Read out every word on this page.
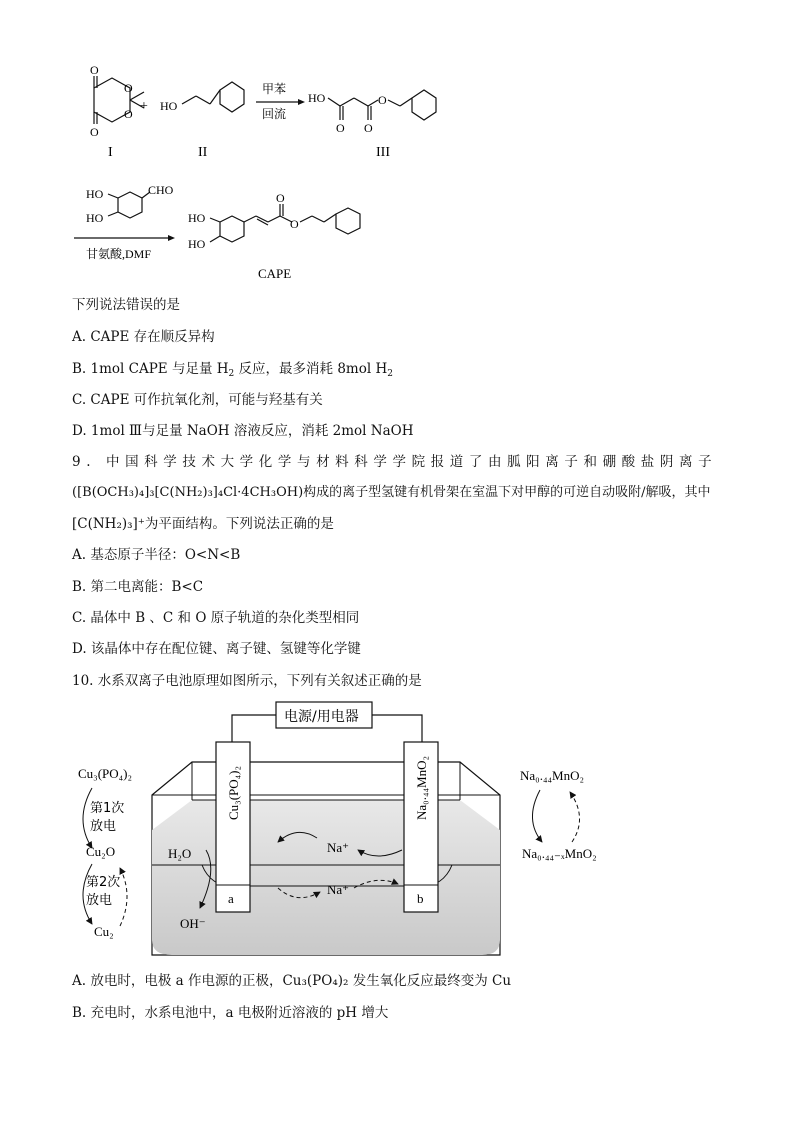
O
O
O
O + HO
甲苯
回流
HO
O O
O
I	II	III
HO
HO
CHO
甘氨酸,DMF
HO
HO
O
O
CAPE
下列说法错误的是
A. CAPE 存在顺反异构
B. 1mol CAPE 与足量 $H_2$ 反应，最多消耗 8mol $H_2$
C. CAPE 可作抗氧化剂，可能与羟基有关
D. 1mol Ⅲ与足量 NaOH 溶液反应，消耗 2mol NaOH
9. 中国科学技术大学化学与材料科学学院报道了由胍阳离子和硼酸盐阴离子
([B(OCH₃)₄]₃[C(NH₂)₃]₄Cl·4CH₃OH)构成的离子型氢键有机骨架在室温下对甲醇的可逆自动吸附/解吸，其中
[C(NH₂)₃]⁺为平面结构。下列说法正确的是
A. 基态原子半径：O<N<B
B. 第二电离能：B<C
C. 晶体中 B 、C 和 O 原子轨道的杂化类型相同
D. 该晶体中存在配位键、离子键、氢键等化学键
10. 水系双离子电池原理如图所示，下列有关叙述正确的是
电源/用电器
a	b
Cu₃(PO₄)₂	Na₀.₄₄MnO₂
Na⁺
Na⁺
H₂O
OH⁻
Cu₃(PO₄)₂
第1次
放电
Cu₂O
第2次
放电
Cu₂
Na₀.₄₄MnO₂
Na₀.₄₄₋ₓMnO₂
A. 放电时，电极 a 作电源的正极，Cu₃(PO₄)₂ 发生氧化反应最终变为 Cu
B. 充电时，水系电池中，a 电极附近溶液的 pH 增大
